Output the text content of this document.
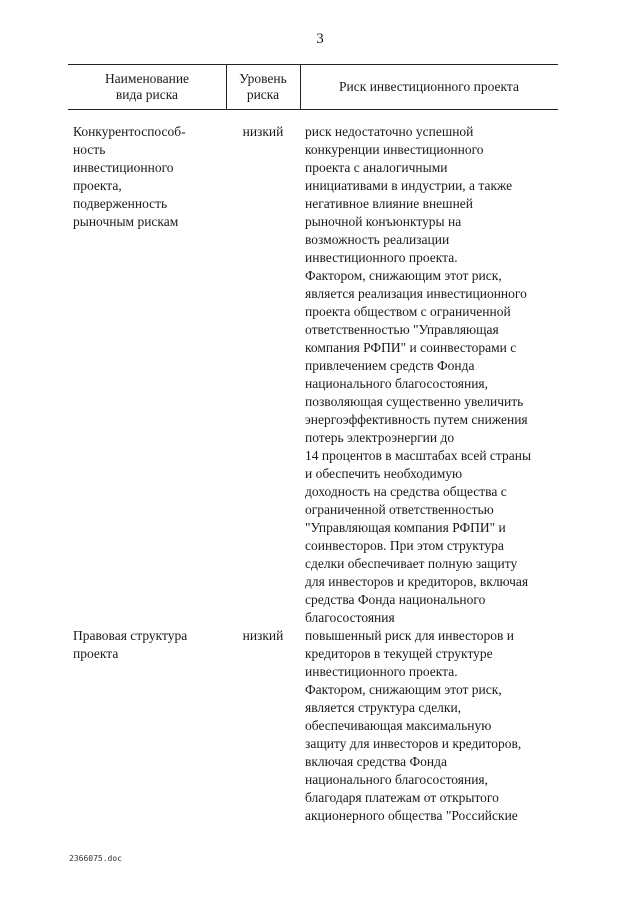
3
Наименование
вида риска
Уровень
риска
Риск инвестиционного проекта
Конкурентоспособ-
ность
инвестиционного
проекта,
подверженность
рыночным рискам
низкий	риск недостаточно успешной
конкуренции инвестиционного
проекта с аналогичными
инициативами в индустрии, а также
негативное влияние внешней
рыночной конъюнктуры на
возможность реализации
инвестиционного проекта.
Фактором, снижающим этот риск,
является реализация инвестиционного
проекта обществом с ограниченной
ответственностью "Управляющая
компания РФПИ" и соинвесторами с
привлечением средств Фонда
национального благосостояния,
позволяющая существенно увеличить
энергоэффективность путем снижения
потерь электроэнергии до
14 процентов в масштабах всей страны
и обеспечить необходимую
доходность на средства общества с
ограниченной ответственностью
"Управляющая компания РФПИ" и
соинвесторов. При этом структура
сделки обеспечивает полную защиту
для инвесторов и кредиторов, включая
средства Фонда национального
благосостояния
Правовая структура
проекта
низкий	повышенный риск для инвесторов и
кредиторов в текущей структуре
инвестиционного проекта.
Фактором, снижающим этот риск,
является структура сделки,
обеспечивающая максимальную
защиту для инвесторов и кредиторов,
включая средства Фонда
национального благосостояния,
благодаря платежам от открытого
акционерного общества "Российские
2366075.doc
